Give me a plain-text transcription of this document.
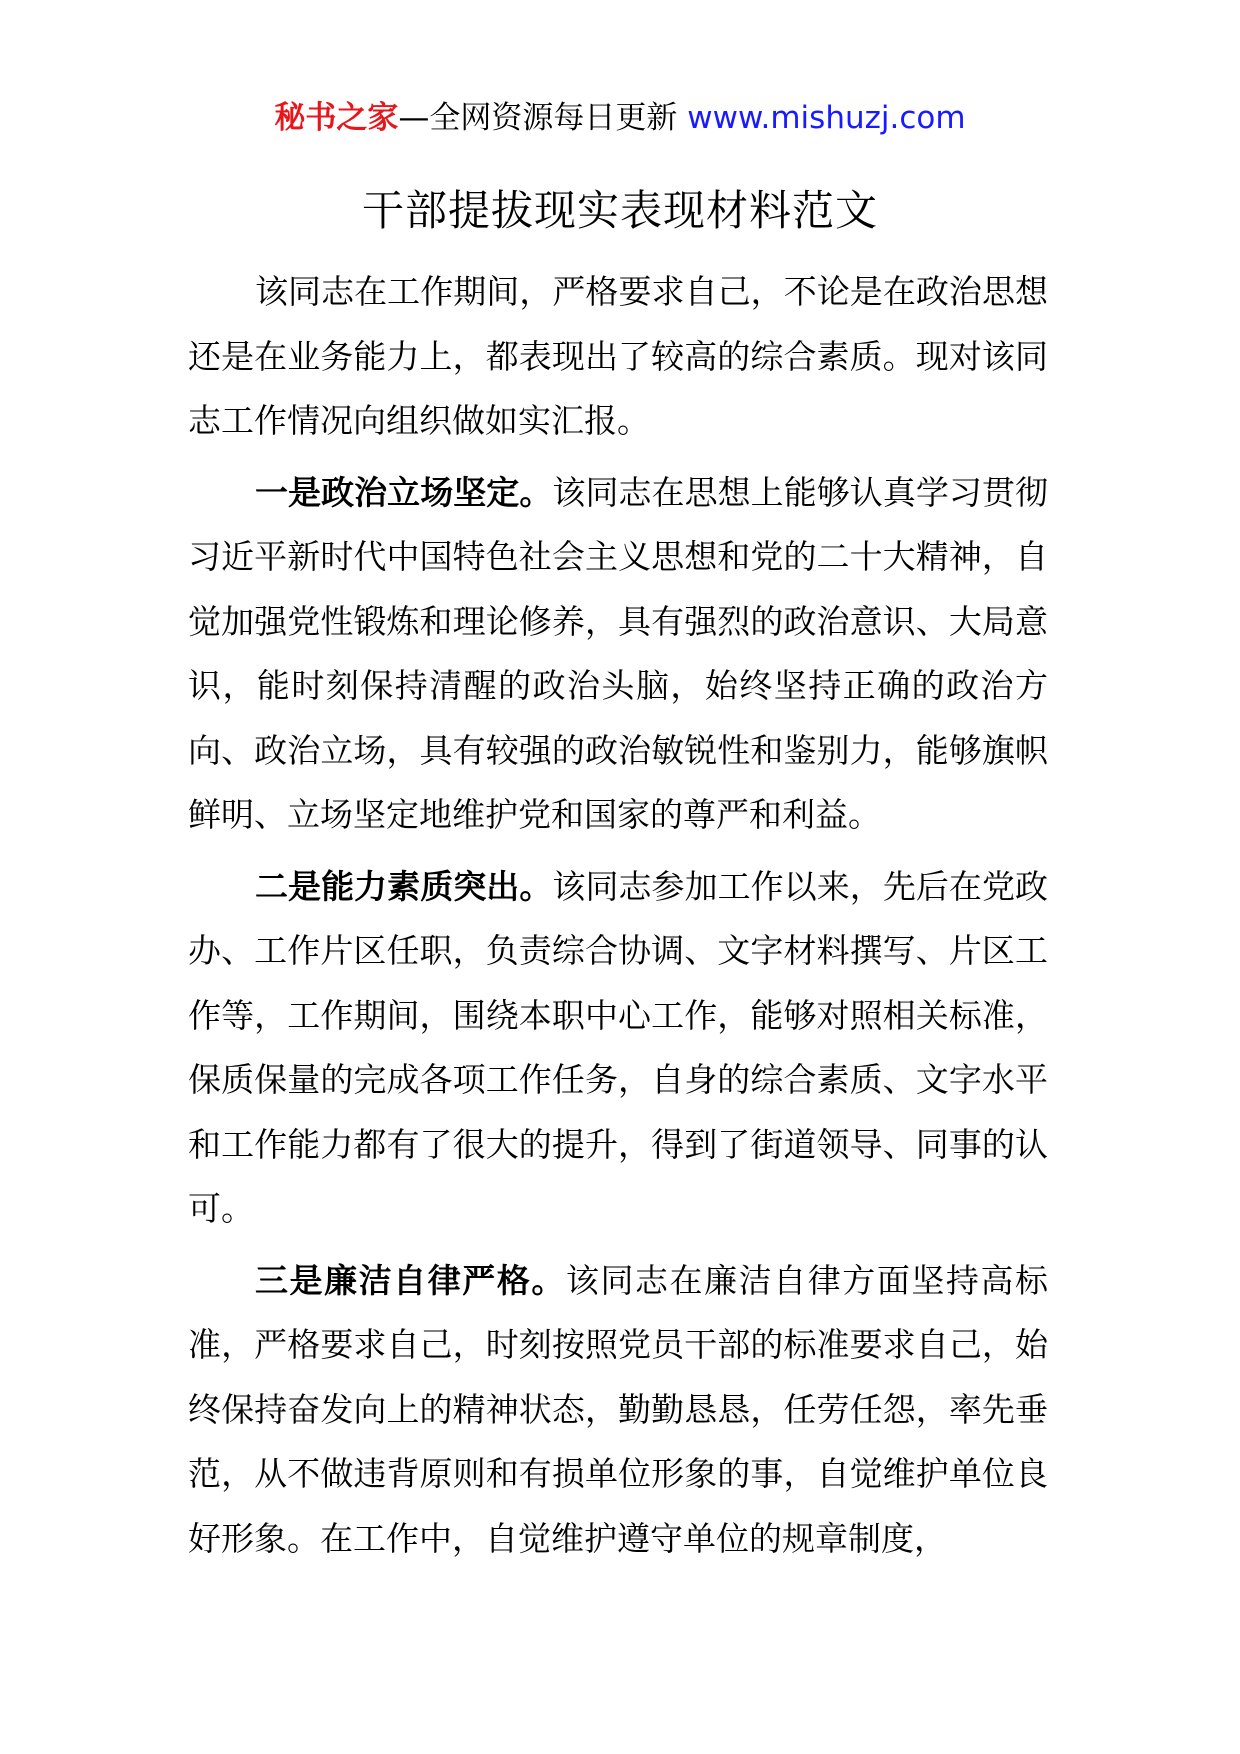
秘书之家—全网资源每日更新 www.mishuzj.com
干部提拔现实表现材料范文

该同志在工作期间，严格要求自己，不论是在政治思想还是在业务能力上，都表现出了较高的综合素质。现对该同志工作情况向组织做如实汇报。

一是政治立场坚定。该同志在思想上能够认真学习贯彻习近平新时代中国特色社会主义思想和党的二十大精神，自觉加强党性锻炼和理论修养，具有强烈的政治意识、大局意识，能时刻保持清醒的政治头脑，始终坚持正确的政治方向、政治立场，具有较强的政治敏锐性和鉴别力，能够旗帜鲜明、立场坚定地维护党和国家的尊严和利益。

二是能力素质突出。该同志参加工作以来，先后在党政办、工作片区任职，负责综合协调、文字材料撰写、片区工作等，工作期间，围绕本职中心工作，能够对照相关标准，保质保量的完成各项工作任务，自身的综合素质、文字水平和工作能力都有了很大的提升，得到了街道领导、同事的认可。

三是廉洁自律严格。该同志在廉洁自律方面坚持高标准，严格要求自己，时刻按照党员干部的标准要求自己，始终保持奋发向上的精神状态，勤勤恳恳，任劳任怨，率先垂范，从不做违背原则和有损单位形象的事，自觉维护单位良好形象。在工作中，自觉维护遵守单位的规章制度，
